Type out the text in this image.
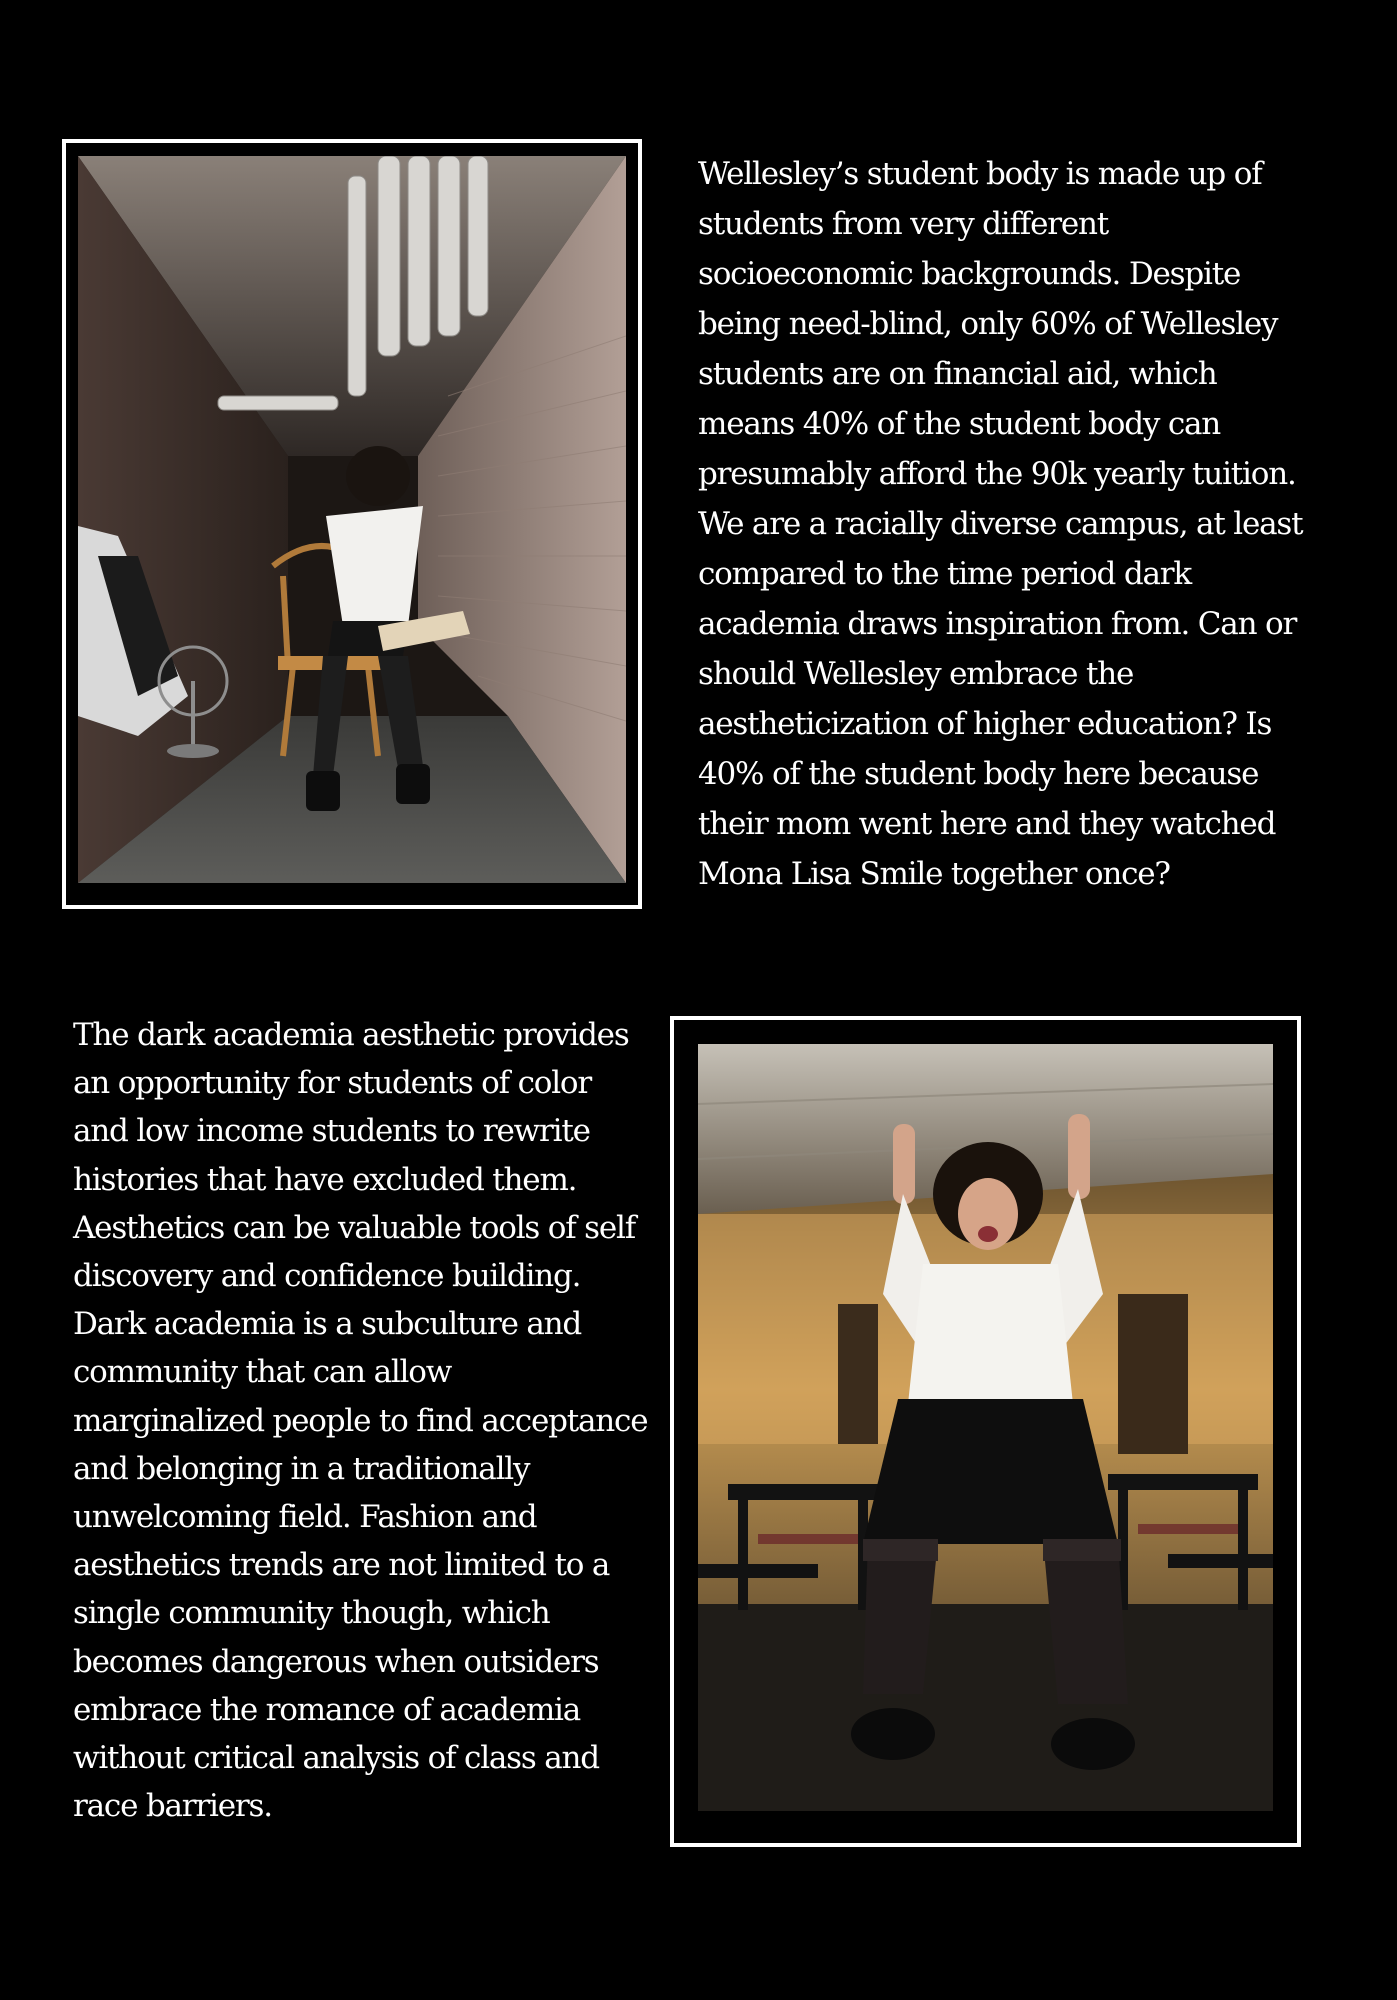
Wellesley’s student body is made up of students from very different socioeconomic backgrounds. Despite being need-blind, only 60% of Wellesley students are on financial aid, which means 40% of the student body can presumably afford the 90k yearly tuition. We are a racially diverse campus, at least compared to the time period dark academia draws inspiration from. Can or should Wellesley embrace the aestheticization of higher education? Is 40% of the student body here because their mom went here and they watched Mona Lisa Smile together once?

The dark academia aesthetic provides an opportunity for students of color and low income students to rewrite histories that have excluded them. Aesthetics can be valuable tools of self discovery and confidence building. Dark academia is a subculture and community that can allow marginalized people to find acceptance and belonging in a traditionally unwelcoming field. Fashion and aesthetics trends are not limited to a single community though, which becomes dangerous when outsiders embrace the romance of academia without critical analysis of class and race barriers.
